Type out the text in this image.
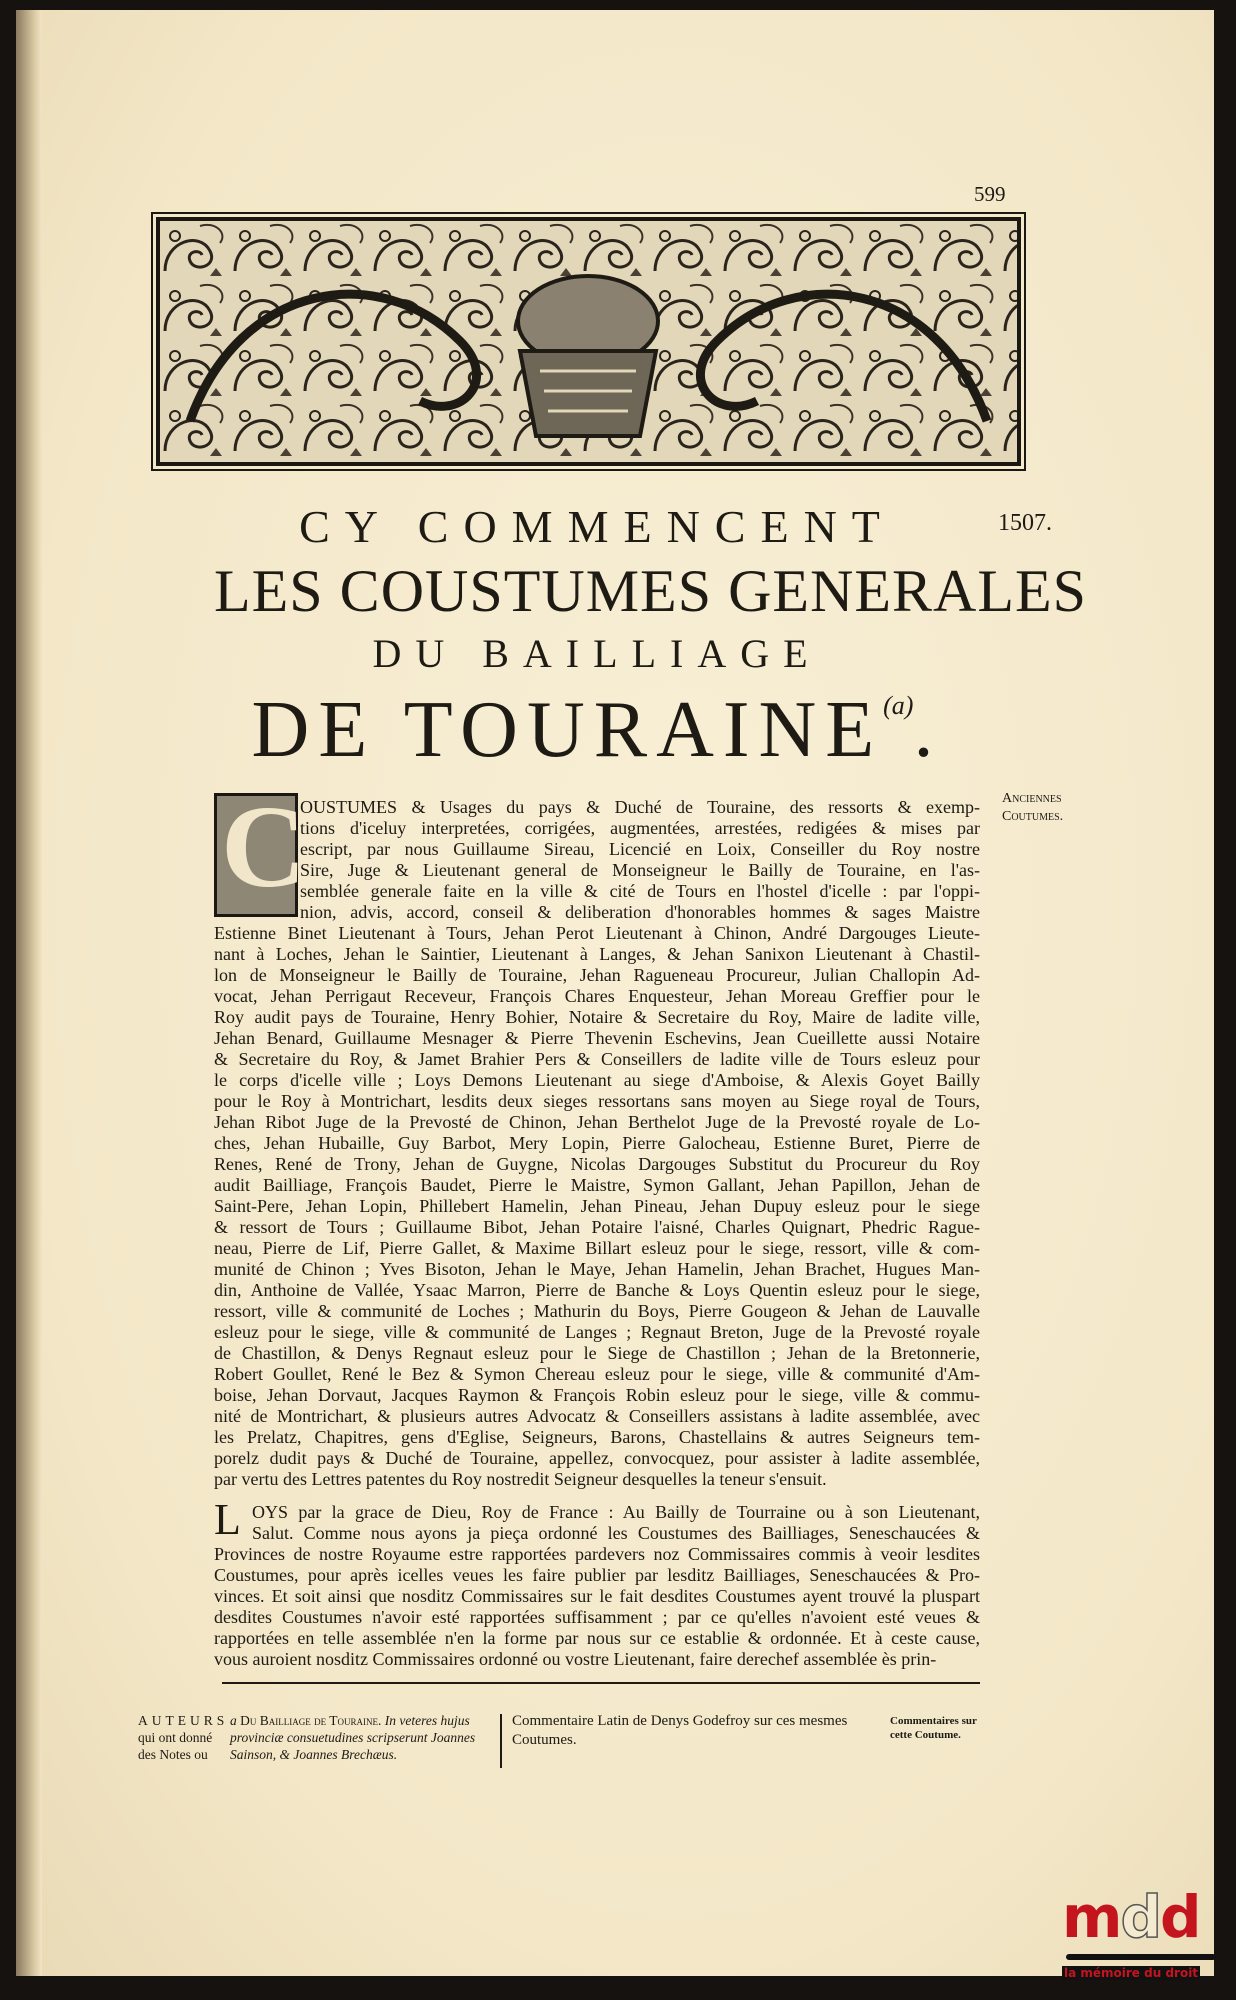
599
CY COMMENCENT	1507.
LES COUSTUMES GENERALES
DU BAILLIAGE
DE TOURAINE$^{(a)}$.
Anciennes
Coutumes.
C
OUSTUMES & Usages du pays & Duché de Touraine, des ressorts & exemp-
tions d'iceluy interpretées, corrigées, augmentées, arrestées, redigées & mises par
escript, par nous Guillaume Sireau, Licencié en Loix, Conseiller du Roy nostre
Sire, Juge & Lieutenant general de Monseigneur le Bailly de Touraine, en l'as-
semblée generale faite en la ville & cité de Tours en l'hostel d'icelle : par l'oppi-
nion, advis, accord, conseil & deliberation d'honorables hommes & sages Maistre
Estienne Binet Lieutenant à Tours, Jehan Perot Lieutenant à Chinon, André Dargouges Lieute-
nant à Loches, Jehan le Saintier, Lieutenant à Langes, & Jehan Sanixon Lieutenant à Chastil-
lon de Monseigneur le Bailly de Touraine, Jehan Ragueneau Procureur, Julian Challopin Ad-
vocat, Jehan Perrigaut Receveur, François Chares Enquesteur, Jehan Moreau Greffier pour le
Roy audit pays de Touraine, Henry Bohier, Notaire & Secretaire du Roy, Maire de ladite ville,
Jehan Benard, Guillaume Mesnager & Pierre Thevenin Eschevins, Jean Cueillette aussi Notaire
& Secretaire du Roy, & Jamet Brahier Pers & Conseillers de ladite ville de Tours esleuz pour
le corps d'icelle ville ; Loys Demons Lieutenant au siege d'Amboise, & Alexis Goyet Bailly
pour le Roy à Montrichart, lesdits deux sieges ressortans sans moyen au Siege royal de Tours,
Jehan Ribot Juge de la Prevosté de Chinon, Jehan Berthelot Juge de la Prevosté royale de Lo-
ches, Jehan Hubaille, Guy Barbot, Mery Lopin, Pierre Galocheau, Estienne Buret, Pierre de
Renes, René de Trony, Jehan de Guygne, Nicolas Dargouges Substitut du Procureur du Roy
audit Bailliage, François Baudet, Pierre le Maistre, Symon Gallant, Jehan Papillon, Jehan de
Saint-Pere, Jehan Lopin, Phillebert Hamelin, Jehan Pineau, Jehan Dupuy esleuz pour le siege
& ressort de Tours ; Guillaume Bibot, Jehan Potaire l'aisné, Charles Quignart, Phedric Rague-
neau, Pierre de Lif, Pierre Gallet, & Maxime Billart esleuz pour le siege, ressort, ville & com-
munité de Chinon ; Yves Bisoton, Jehan le Maye, Jehan Hamelin, Jehan Brachet, Hugues Man-
din, Anthoine de Vallée, Ysaac Marron, Pierre de Banche & Loys Quentin esleuz pour le siege,
ressort, ville & communité de Loches ; Mathurin du Boys, Pierre Gougeon & Jehan de Lauvalle
esleuz pour le siege, ville & communité de Langes ; Regnaut Breton, Juge de la Prevosté royale
de Chastillon, & Denys Regnaut esleuz pour le Siege de Chastillon ; Jehan de la Bretonnerie,
Robert Goullet, René le Bez & Symon Chereau esleuz pour le siege, ville & communité d'Am-
boise, Jehan Dorvaut, Jacques Raymon & François Robin esleuz pour le siege, ville & commu-
nité de Montrichart, & plusieurs autres Advocatz & Conseillers assistans à ladite assemblée, avec
les Prelatz, Chapitres, gens d'Eglise, Seigneurs, Barons, Chastellains & autres Seigneurs tem-
porelz dudit pays & Duché de Touraine, appellez, convocquez, pour assister à ladite assemblée,
par vertu des Lettres patentes du Roy nostredit Seigneur desquelles la teneur s'ensuit.
L OYS par la grace de Dieu, Roy de France : Au Bailly de Tourraine ou à son Lieutenant,
Salut. Comme nous ayons ja pieça ordonné les Coustumes des Bailliages, Seneschaucées &
Provinces de nostre Royaume estre rapportées pardevers noz Commissaires commis à veoir lesdites
Coustumes, pour après icelles veues les faire publier par lesditz Bailliages, Seneschaucées & Pro-
vinces. Et soit ainsi que nosditz Commissaires sur le fait desdites Coustumes ayent trouvé la pluspart
desdites Coustumes n'avoir esté rapportées suffisamment ; par ce qu'elles n'avoient esté veues &
rapportées en telle assemblée n'en la forme par nous sur ce establie & ordonnée. Et à ceste cause,
vous auroient nosditz Commissaires ordonné ou vostre Lieutenant, faire derechef assemblée ès prin-
AUTEURS qui ont donné des Notes ou
a Du Bailliage de Touraine. In veteres hujus provinciæ consuetudines scripserunt Joannes Sainson, & Joannes Brechæus.
Commentaire Latin de Denys Godefroy sur ces mesmes Coutumes.
Commentaires sur cette Coutume.
mdd
la mémoire du droit
